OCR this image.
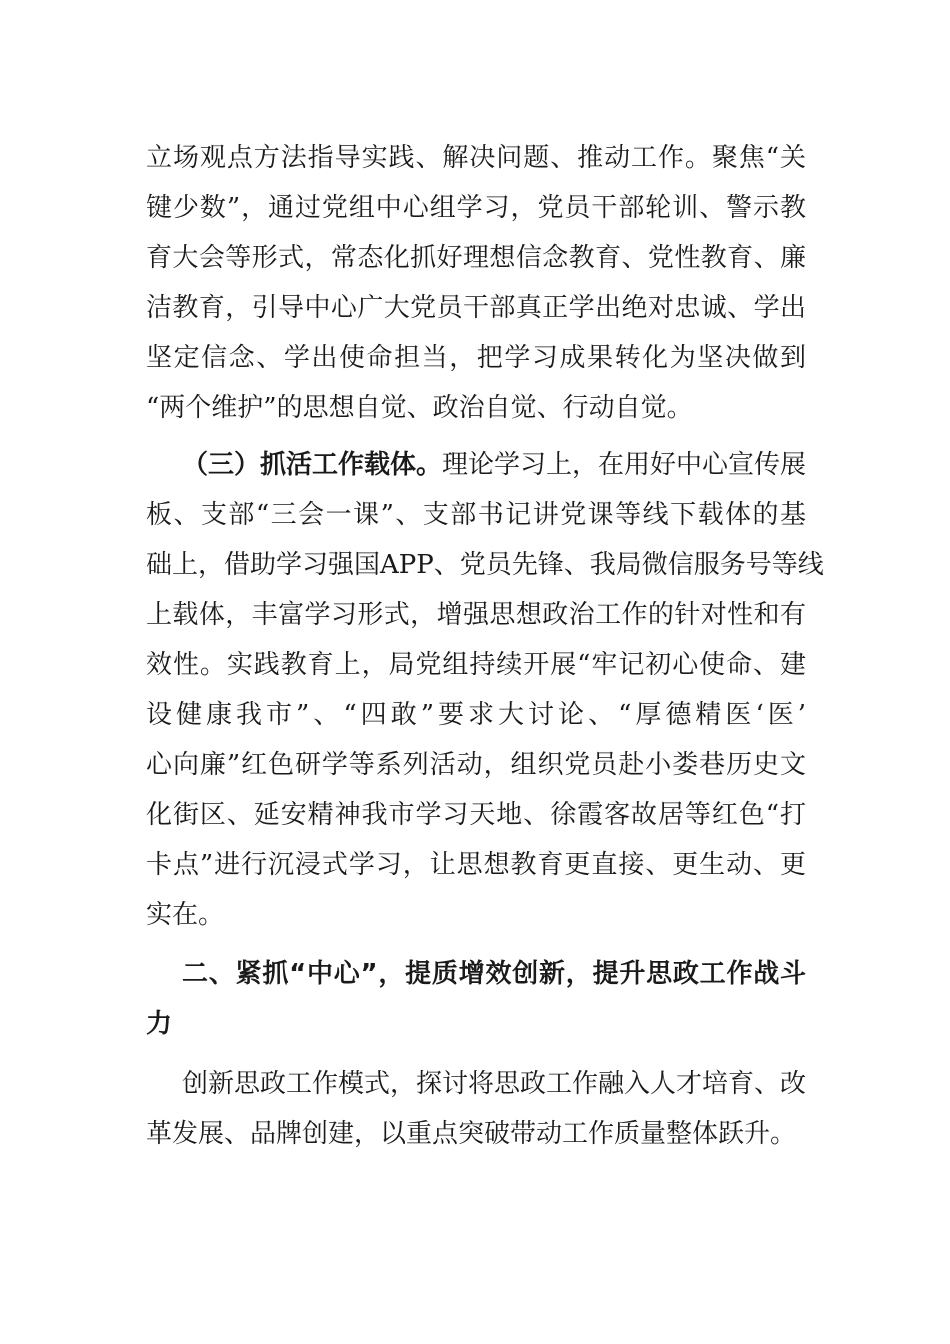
立场观点方法指导实践、解决问题、推动工作。聚焦“关
键少数”，通过党组中心组学习，党员干部轮训、警示教
育大会等形式，常态化抓好理想信念教育、党性教育、廉
洁教育，引导中心广大党员干部真正学出绝对忠诚、学出
坚定信念、学出使命担当，把学习成果转化为坚决做到
“两个维护”的思想自觉、政治自觉、行动自觉。
（三）抓活工作载体。理论学习上，在用好中心宣传展
板、支部“三会一课”、支部书记讲党课等线下载体的基
础上，借助学习强国APP、党员先锋、我局微信服务号等线
上载体，丰富学习形式，增强思想政治工作的针对性和有
效性。实践教育上，局党组持续开展“牢记初心使命、建
设健康我市”、“四敢”要求大讨论、“厚德精医‘医’
心向廉”红色研学等系列活动，组织党员赴小娄巷历史文
化街区、延安精神我市学习天地、徐霞客故居等红色“打
卡点”进行沉浸式学习，让思想教育更直接、更生动、更
实在。
二、紧抓“中心”，提质增效创新，提升思政工作战斗
力
创新思政工作模式，探讨将思政工作融入人才培育、改
革发展、品牌创建，以重点突破带动工作质量整体跃升。
